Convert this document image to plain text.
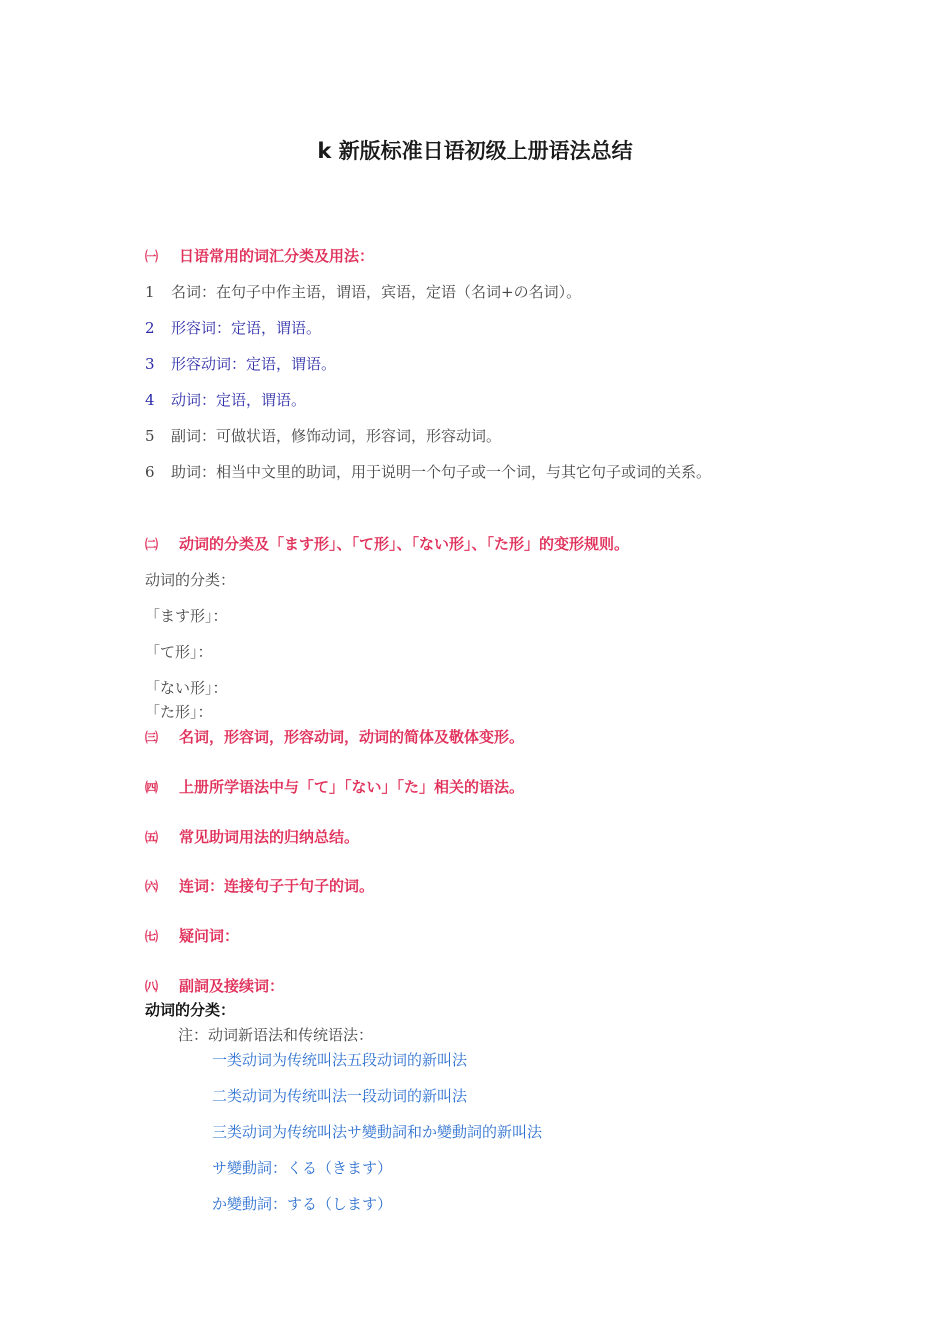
k 新版标准日语初级上册语法总结
㈠ 日语常用的词汇分类及用法：
1 名词：在句子中作主语，谓语，宾语，定语（名词+の名词）。
2 形容词：定语，谓语。
3 形容动词：定语，谓语。
4 动词：定语，谓语。
5 副词：可做状语，修饰动词，形容词，形容动词。
6 助词：相当中文里的助词，用于说明一个句子或一个词，与其它句子或词的关系。
㈡ 动词的分类及「ます形」、「て形」、「ない形」、「た形」的变形规则。
动词的分类：
「ます形」：
「て形」：
「ない形」：
「た形」：
㈢ 名词，形容词，形容动词，动词的简体及敬体变形。
㈣ 上册所学语法中与「て」「ない」「た」相关的语法。
㈤ 常见助词用法的归纳总结。
㈥ 连词：连接句子于句子的词。
㈦ 疑问词：
㈧ 副詞及接续词：
动词的分类：
注：动词新语法和传统语法：
一类动词为传统叫法五段动词的新叫法
二类动词为传统叫法一段动词的新叫法
三类动词为传统叫法サ變動詞和か變動詞的新叫法
サ變動詞：くる（きます）
か變動詞：する（します）
